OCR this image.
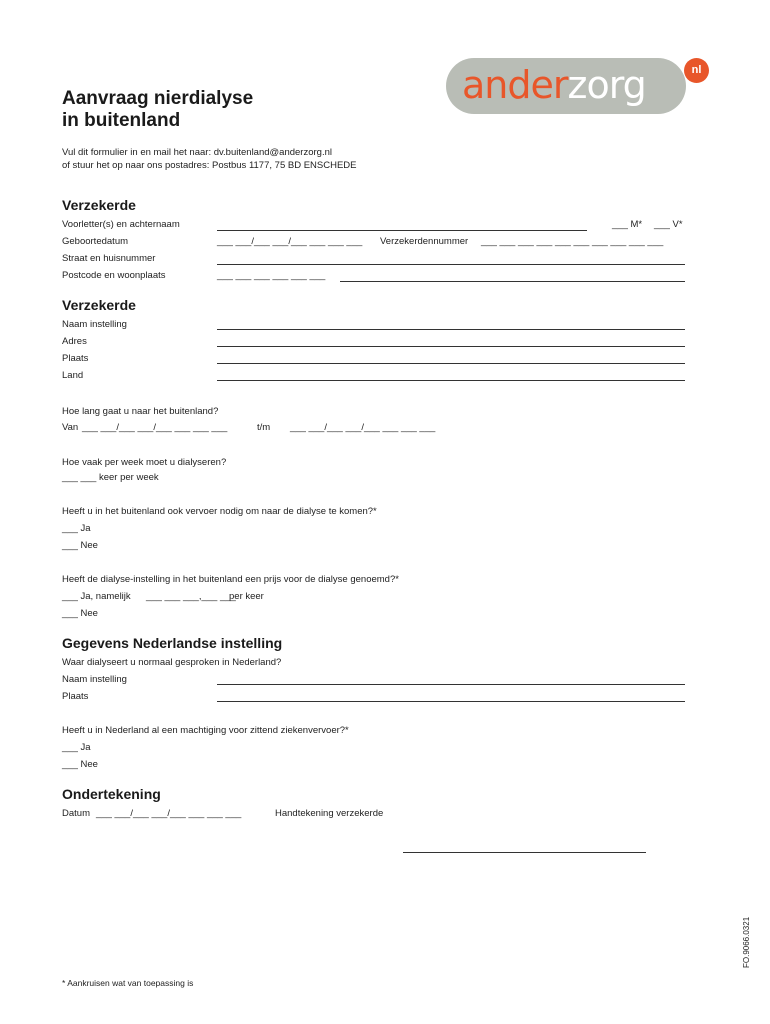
anderzorg	nl
Aanvraag nierdialyse
in buitenland
Vul dit formulier in en mail het naar: dv.buitenland@anderzorg.nl
of stuur het op naar ons postadres: Postbus 1177, 75 BD ENSCHEDE
Verzekerde
Voorletter(s) en achternaam	___ M* ___ V*
Geboortedatum	___ ___/___ ___/___ ___ ___ ___ Verzekerdennummer ___ ___ ___ ___ ___ ___ ___ ___ ___ ___
Straat en huisnummer
Postcode en woonplaats	___ ___ ___ ___ ___ ___
Verzekerde
Naam instelling
Adres
Plaats
Land
Hoe lang gaat u naar het buitenland?
Van ___ ___/___ ___/___ ___ ___ ___	t/m ___ ___/___ ___/___ ___ ___ ___
Hoe vaak per week moet u dialyseren?
___ ___ keer per week
Heeft u in het buitenland ook vervoer nodig om naar de dialyse te komen?*
___ Ja
___ Nee
Heeft de dialyse-instelling in het buitenland een prijs voor de dialyse genoemd?*
___ Ja, namelijk ___ ___ ___,___ ___
per keer
___ Nee
Gegevens Nederlandse instelling
Waar dialyseert u normaal gesproken in Nederland?
Naam instelling
Plaats
Heeft u in Nederland al een machtiging voor zittend ziekenvervoer?*
___ Ja
___ Nee
Ondertekening
Datum ___ ___/___ ___/___ ___ ___ ___	Handtekening verzekerde
* Aankruisen wat van toepassing is
FO.9066.0321
